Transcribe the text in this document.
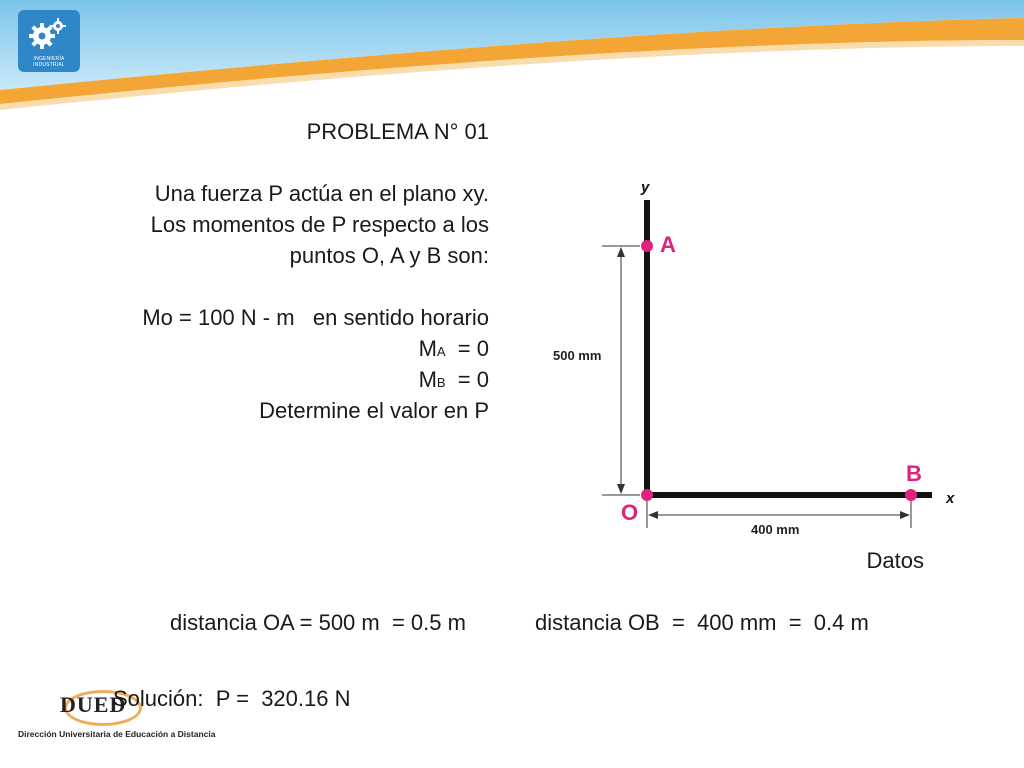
INGENIERÍA INDUSTRIAL
PROBLEMA N° 01
Una fuerza P actúa en el plano xy.
Los momentos de P respecto a los
puntos O, A y B son:
Mo = 100 N - m   en sentido horario
MA  = 0
MB  = 0
Determine el valor en P
y
x
500 mm
400 mm
A
B
O
Datos
distancia OA = 500 m  = 0.5 m	distancia OB  =  400 mm  =  0.4 m
DUED
Solución:  P =  320.16 N
Dirección Universitaria de Educación a Distancia
